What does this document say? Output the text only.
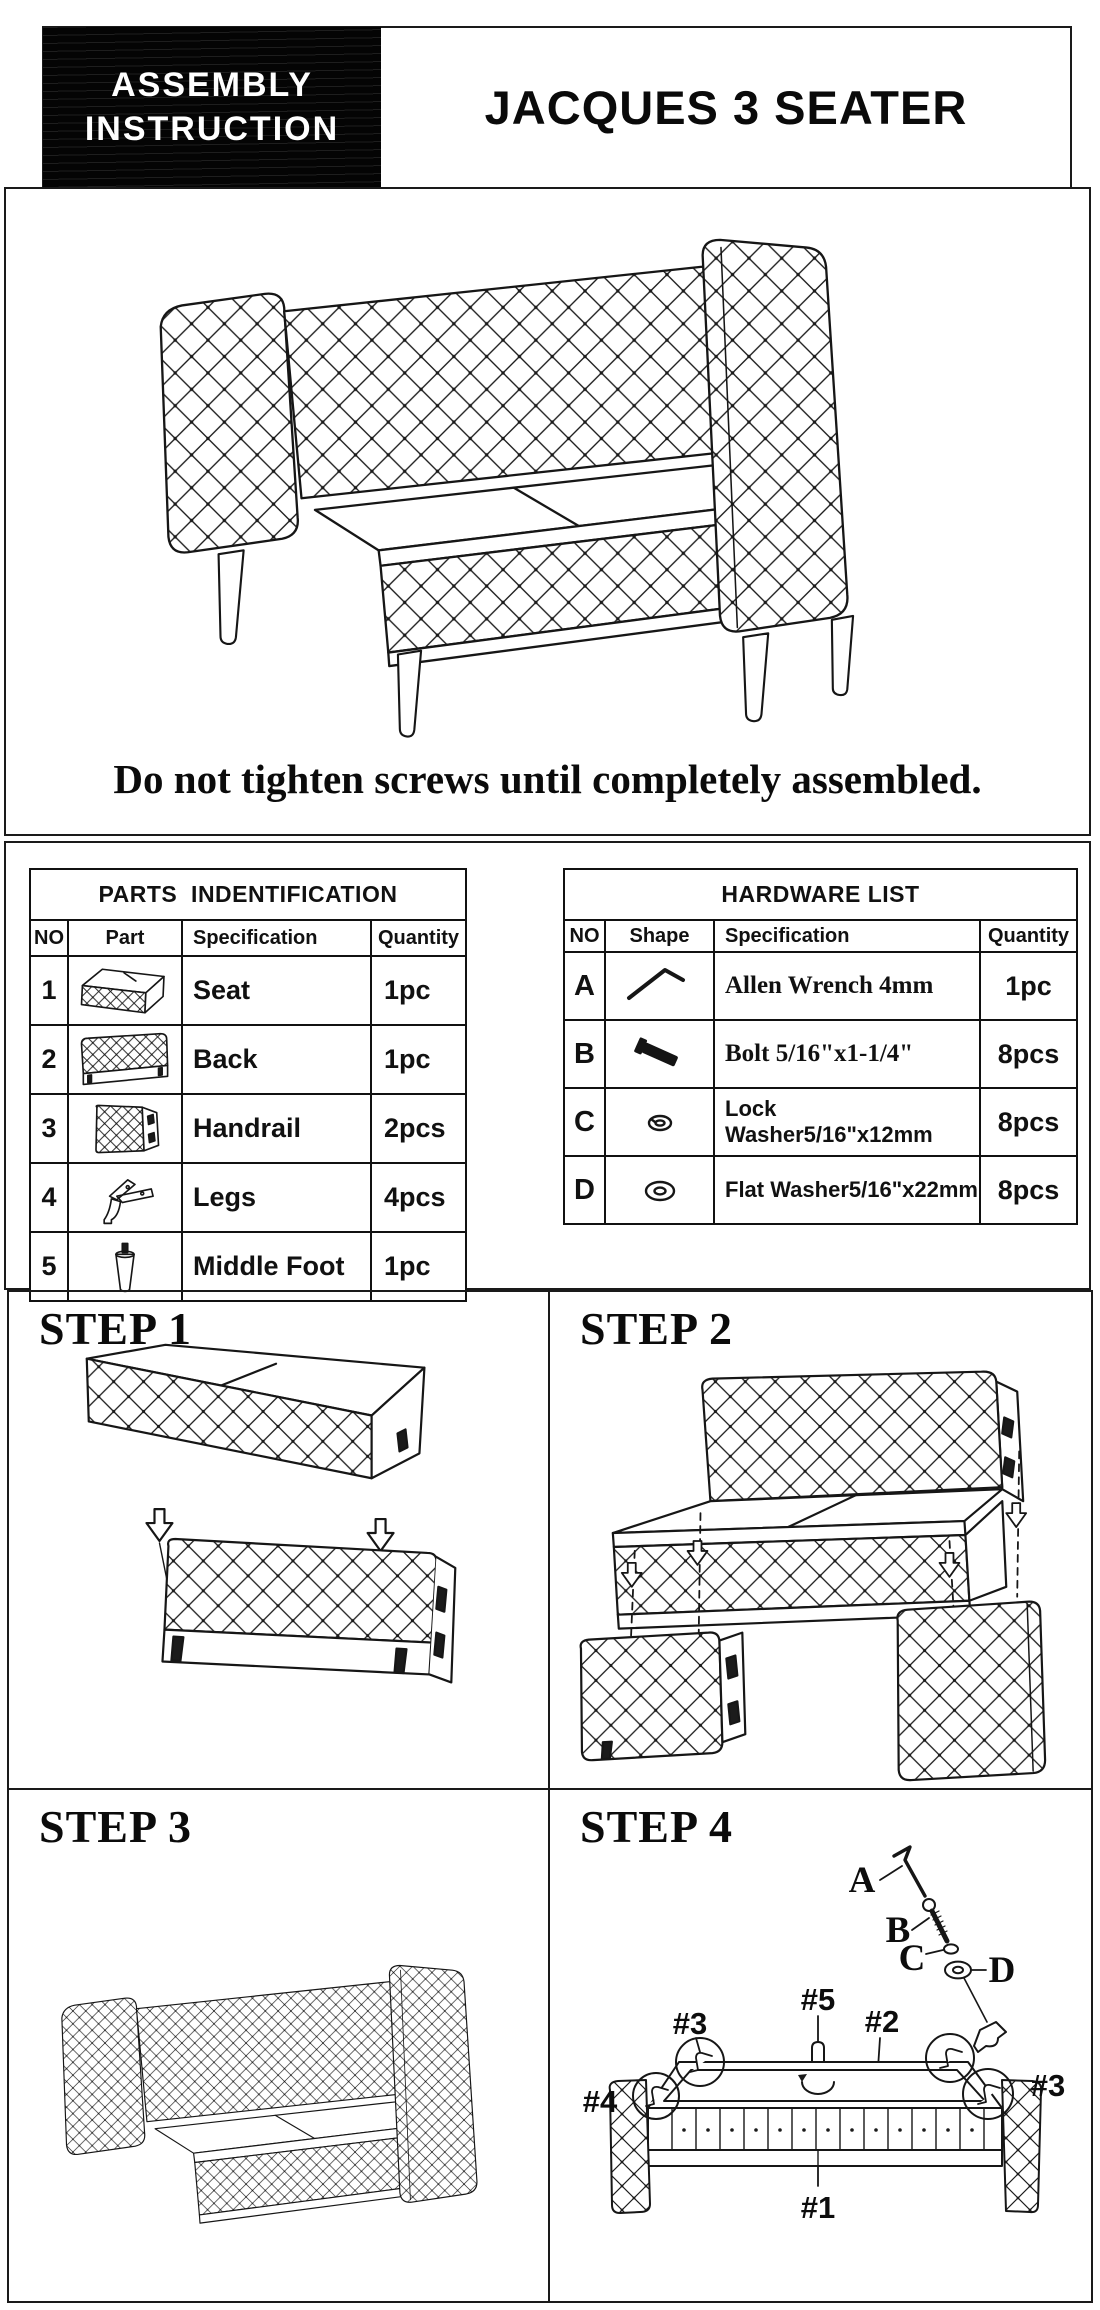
ASSEMBLY
INSTRUCTION	JACQUES 3 SEATER
Do not tighten screws until completely assembled.
PARTS  INDENTIFICATION
NO	Part	Specification	Quantity
1	Seat	1pc
2	Back	1pc
3	Handrail	2pcs
4	Legs	4pcs
5	Middle Foot	1pc
HARDWARE LIST
NO	Shape	Specification	Quantity
A	Allen Wrench 4mm	1pc
B	Bolt 5/16"x1-1/4"	8pcs
C	Lock Washer5/16"x12mm	8pcs
D	Flat Washer5/16"x22mm 8pcs
STEP 1	STEP 2
STEP 3	STEP 4
A
B
C D
#5
#2
#3
#3
#4
#1
